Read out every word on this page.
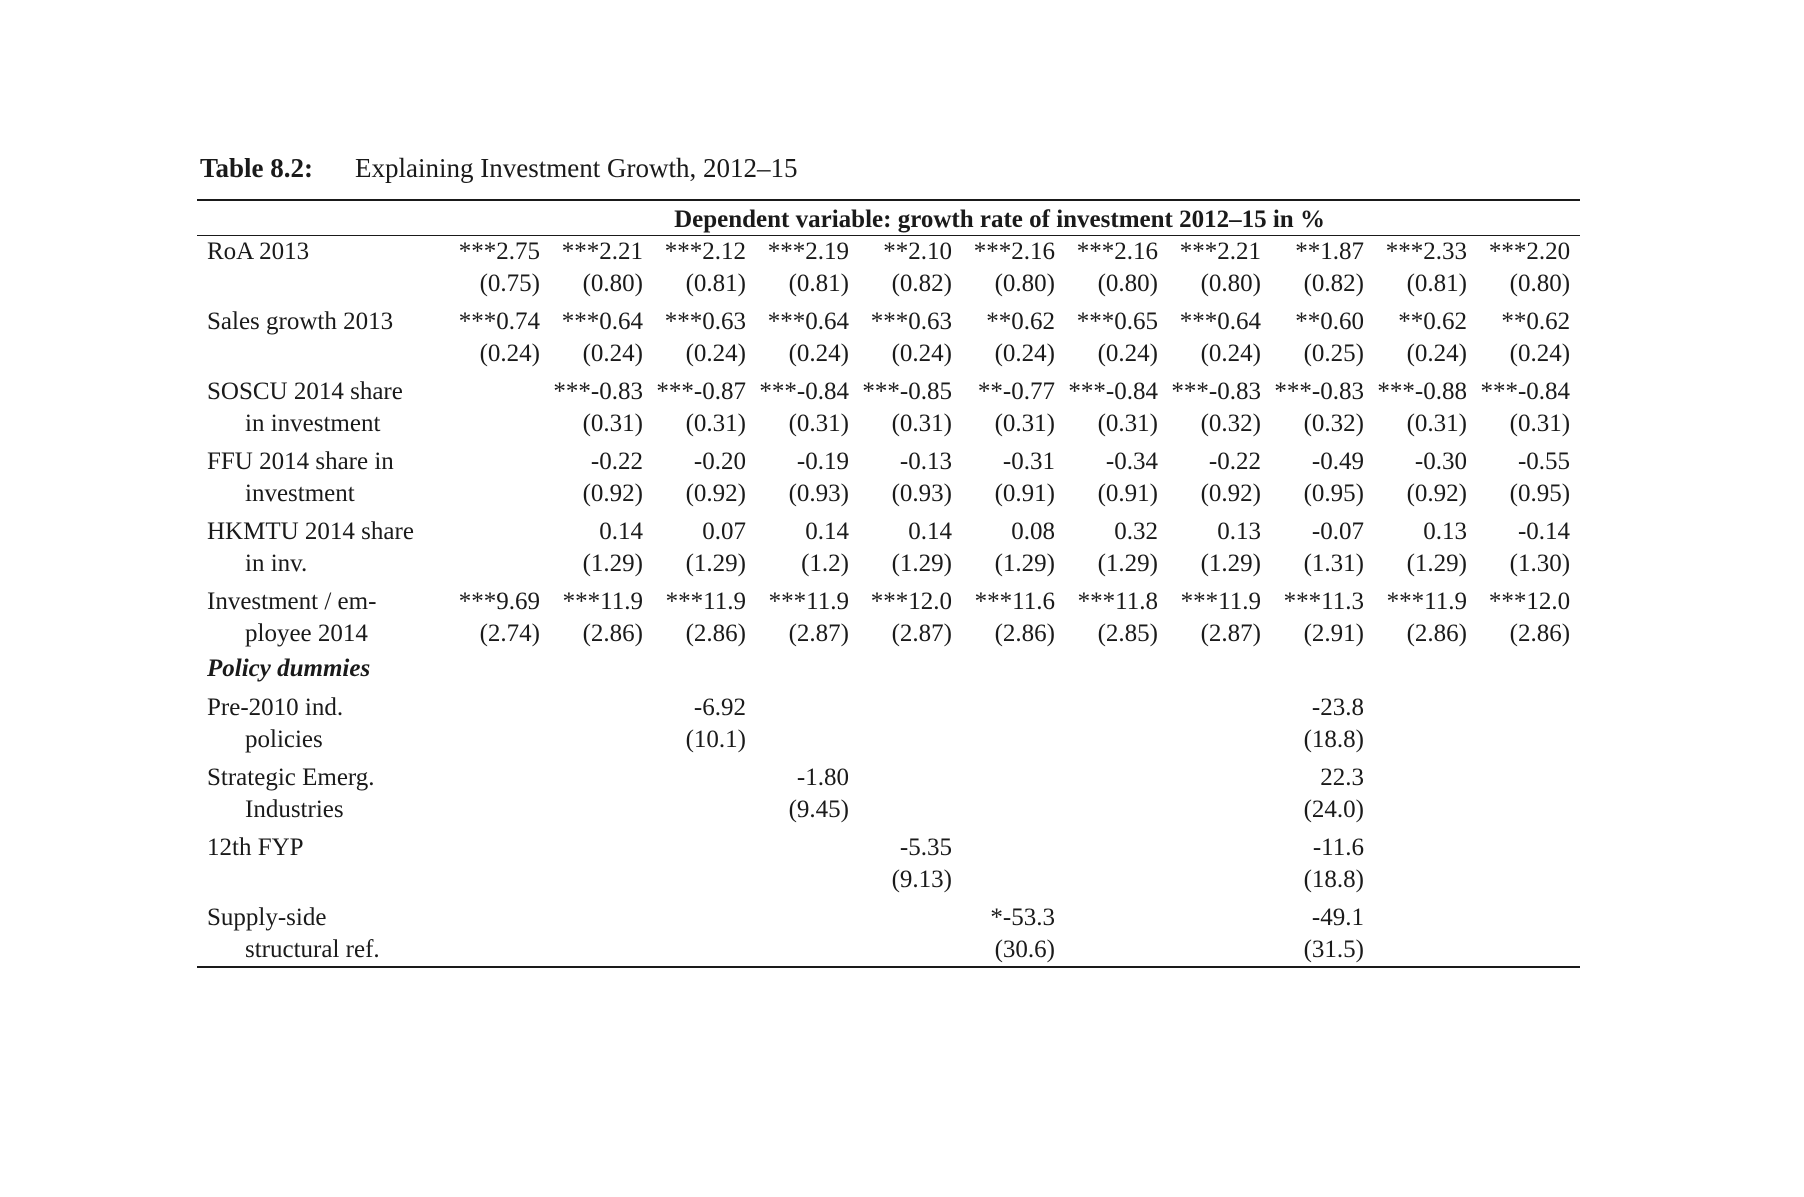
Table 8.2: Explaining Investment Growth, 2012–15
Dependent variable: growth rate of investment 2012–15 in %											
RoA 2013	***2.75	***2.21	***2.12	***2.19	**2.10	***2.16	***2.16	***2.21	**1.87	***2.33	***2.20
	(0.75)	(0.80)	(0.81)	(0.81)	(0.82)	(0.80)	(0.80)	(0.80)	(0.82)	(0.81)	(0.80)
Sales growth 2013	***0.74	***0.64	***0.63	***0.64	***0.63	**0.62	***0.65	***0.64	**0.60	**0.62	**0.62
	(0.24)	(0.24)	(0.24)	(0.24)	(0.24)	(0.24)	(0.24)	(0.24)	(0.25)	(0.24)	(0.24)
SOSCU 2014 share		***-0.83	***-0.87	***-0.84	***-0.85	**-0.77	***-0.84	***-0.83	***-0.83	***-0.88	***-0.84
in investment		(0.31)	(0.31)	(0.31)	(0.31)	(0.31)	(0.31)	(0.32)	(0.32)	(0.31)	(0.31)
FFU 2014 share in		-0.22	-0.20	-0.19	-0.13	-0.31	-0.34	-0.22	-0.49	-0.30	-0.55
investment		(0.92)	(0.92)	(0.93)	(0.93)	(0.91)	(0.91)	(0.92)	(0.95)	(0.92)	(0.95)
HKMTU 2014 share		0.14	0.07	0.14	0.14	0.08	0.32	0.13	-0.07	0.13	-0.14
in inv.		(1.29)	(1.29)	(1.2)	(1.29)	(1.29)	(1.29)	(1.29)	(1.31)	(1.29)	(1.30)
Investment / em-	***9.69	***11.9	***11.9	***11.9	***12.0	***11.6	***11.8	***11.9	***11.3	***11.9	***12.0
ployee 2014	(2.74)	(2.86)	(2.86)	(2.87)	(2.87)	(2.86)	(2.85)	(2.87)	(2.91)	(2.86)	(2.86)
Policy dummies											
Pre-2010 ind.			-6.92						-23.8		
policies			(10.1)						(18.8)		
Strategic Emerg.				-1.80					22.3		
Industries				(9.45)					(24.0)		
12th FYP					-5.35				-11.6		
					(9.13)				(18.8)		
Supply-side						*-53.3			-49.1		
structural ref.						(30.6)			(31.5)		
